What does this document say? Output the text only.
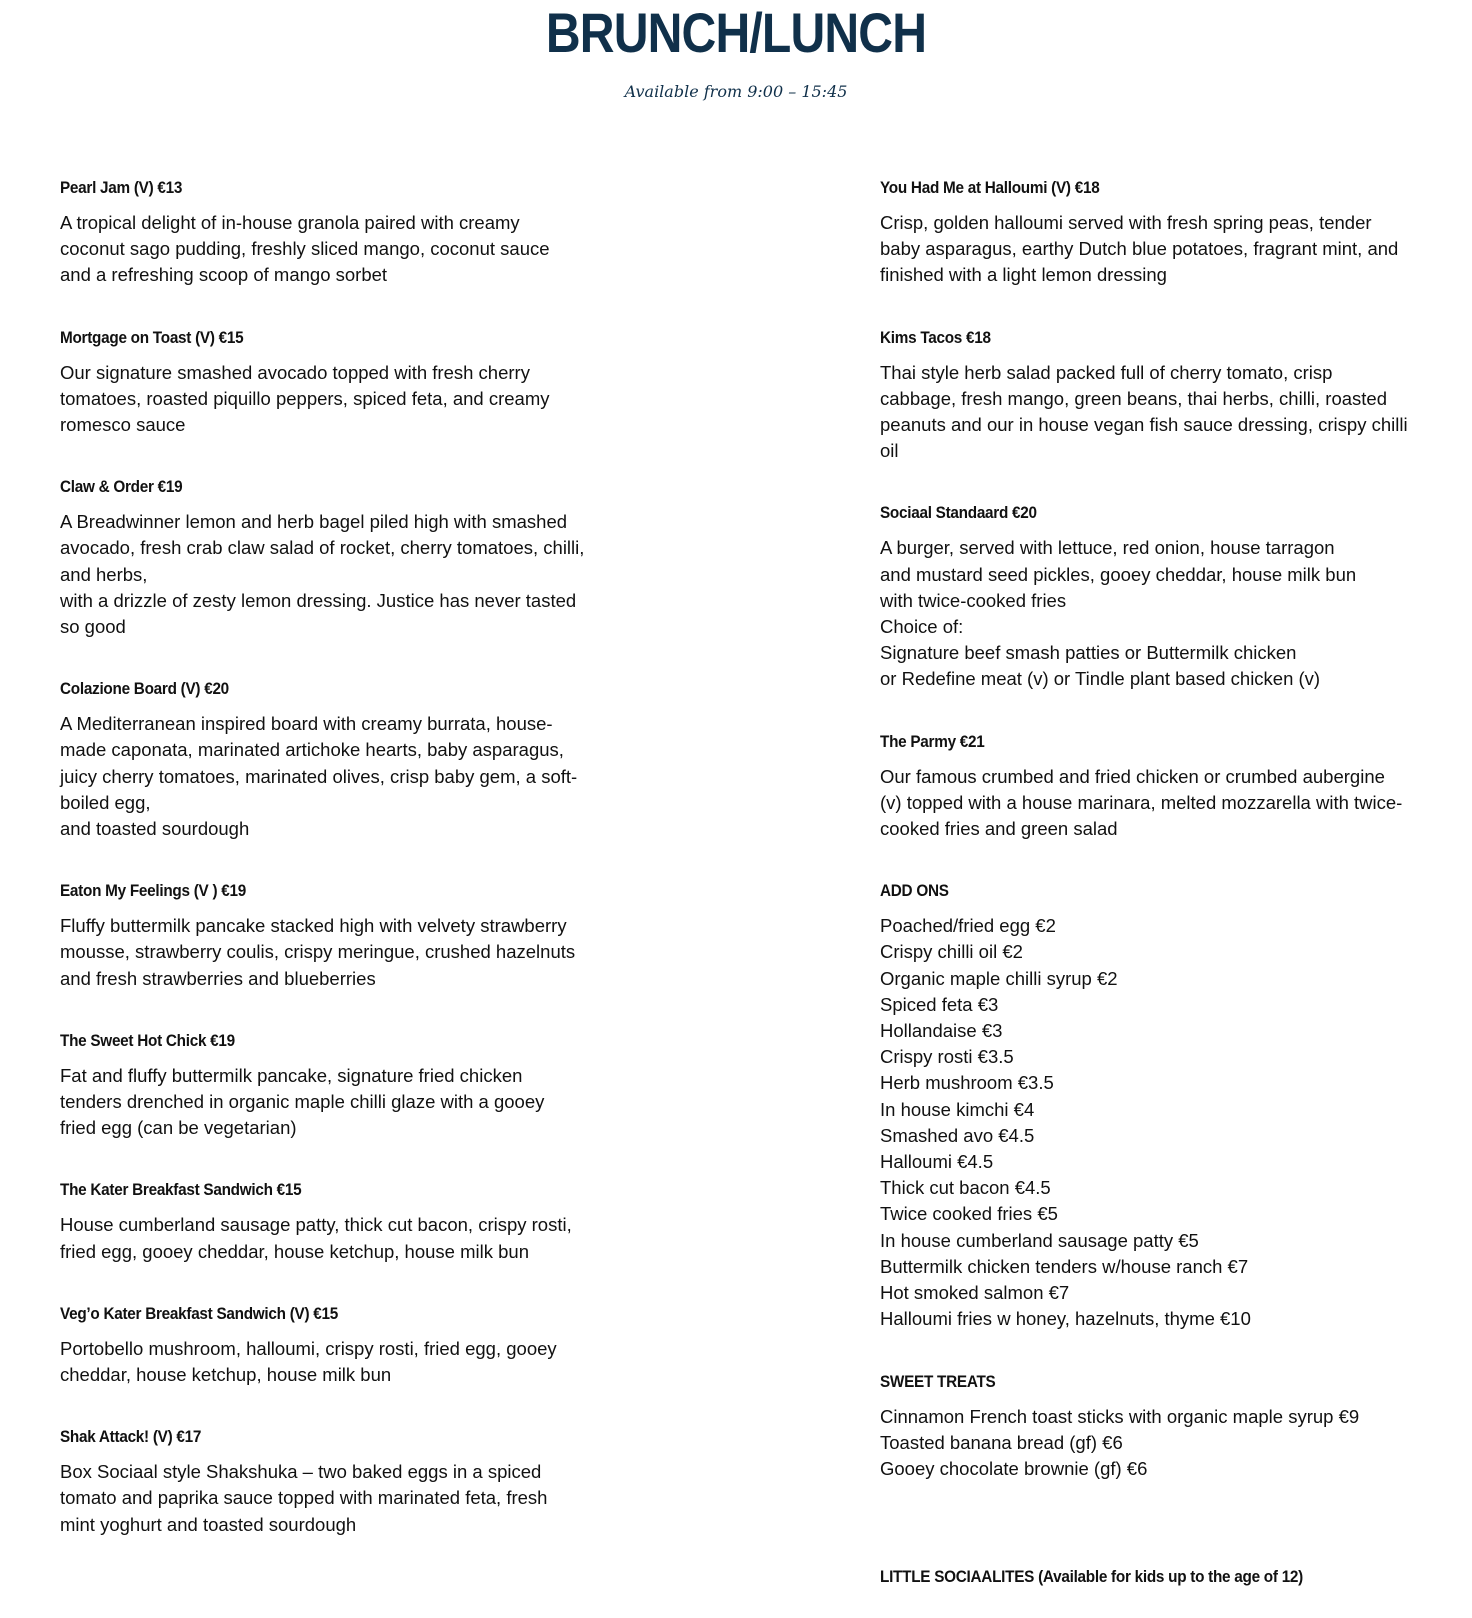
BRUNCH/LUNCH
Available from 9:00 – 15:45
Pearl Jam (V) €13
A tropical delight of in-house granola paired with creamy
coconut sago pudding, freshly sliced mango, coconut sauce
and a refreshing scoop of mango sorbet
Mortgage on Toast (V) €15
Our signature smashed avocado topped with fresh cherry
tomatoes, roasted piquillo peppers, spiced feta, and creamy
romesco sauce
Claw & Order €19
A Breadwinner lemon and herb bagel piled high with smashed
avocado, fresh crab claw salad of rocket, cherry tomatoes, chilli,
and herbs,
with a drizzle of zesty lemon dressing. Justice has never tasted
so good
Colazione Board (V) €20
A Mediterranean inspired board with creamy burrata, house-
made caponata, marinated artichoke hearts, baby asparagus,
juicy cherry tomatoes, marinated olives, crisp baby gem, a soft-
boiled egg,
and toasted sourdough
Eaton My Feelings (V ) €19
Fluffy buttermilk pancake stacked high with velvety strawberry
mousse, strawberry coulis, crispy meringue, crushed hazelnuts
and fresh strawberries and blueberries
The Sweet Hot Chick €19
Fat and fluffy buttermilk pancake, signature fried chicken
tenders drenched in organic maple chilli glaze with a gooey
fried egg (can be vegetarian)
The Kater Breakfast Sandwich €15
House cumberland sausage patty, thick cut bacon, crispy rosti,
fried egg, gooey cheddar, house ketchup, house milk bun
Veg’o Kater Breakfast Sandwich (V) €15
Portobello mushroom, halloumi, crispy rosti, fried egg, gooey
cheddar, house ketchup, house milk bun
Shak Attack! (V) €17
Box Sociaal style Shakshuka – two baked eggs in a spiced
tomato and paprika sauce topped with marinated feta, fresh
mint yoghurt and toasted sourdough
You Had Me at Halloumi (V) €18
Crisp, golden halloumi served with fresh spring peas, tender
baby asparagus, earthy Dutch blue potatoes, fragrant mint, and
finished with a light lemon dressing
Kims Tacos €18
Thai style herb salad packed full of cherry tomato, crisp
cabbage, fresh mango, green beans, thai herbs, chilli, roasted
peanuts and our in house vegan fish sauce dressing, crispy chilli
oil
Sociaal Standaard €20
A burger, served with lettuce, red onion, house tarragon
and mustard seed pickles, gooey cheddar, house milk bun
with twice-cooked fries
Choice of:
Signature beef smash patties or Buttermilk chicken
or Redefine meat (v) or Tindle plant based chicken (v)
The Parmy €21
Our famous crumbed and fried chicken or crumbed aubergine
(v) topped with a house marinara, melted mozzarella with twice-
cooked fries and green salad
ADD ONS
Poached/fried egg €2
Crispy chilli oil €2
Organic maple chilli syrup €2
Spiced feta €3
Hollandaise €3
Crispy rosti €3.5
Herb mushroom €3.5
In house kimchi €4
Smashed avo €4.5
Halloumi €4.5
Thick cut bacon €4.5
Twice cooked fries €5
In house cumberland sausage patty €5
Buttermilk chicken tenders w/house ranch €7
Hot smoked salmon €7
Halloumi fries w honey, hazelnuts, thyme €10
SWEET TREATS
Cinnamon French toast sticks with organic maple syrup €9
Toasted banana bread (gf) €6
Gooey chocolate brownie (gf) €6
LITTLE SOCIAALITES (Available for kids up to the age of 12)
